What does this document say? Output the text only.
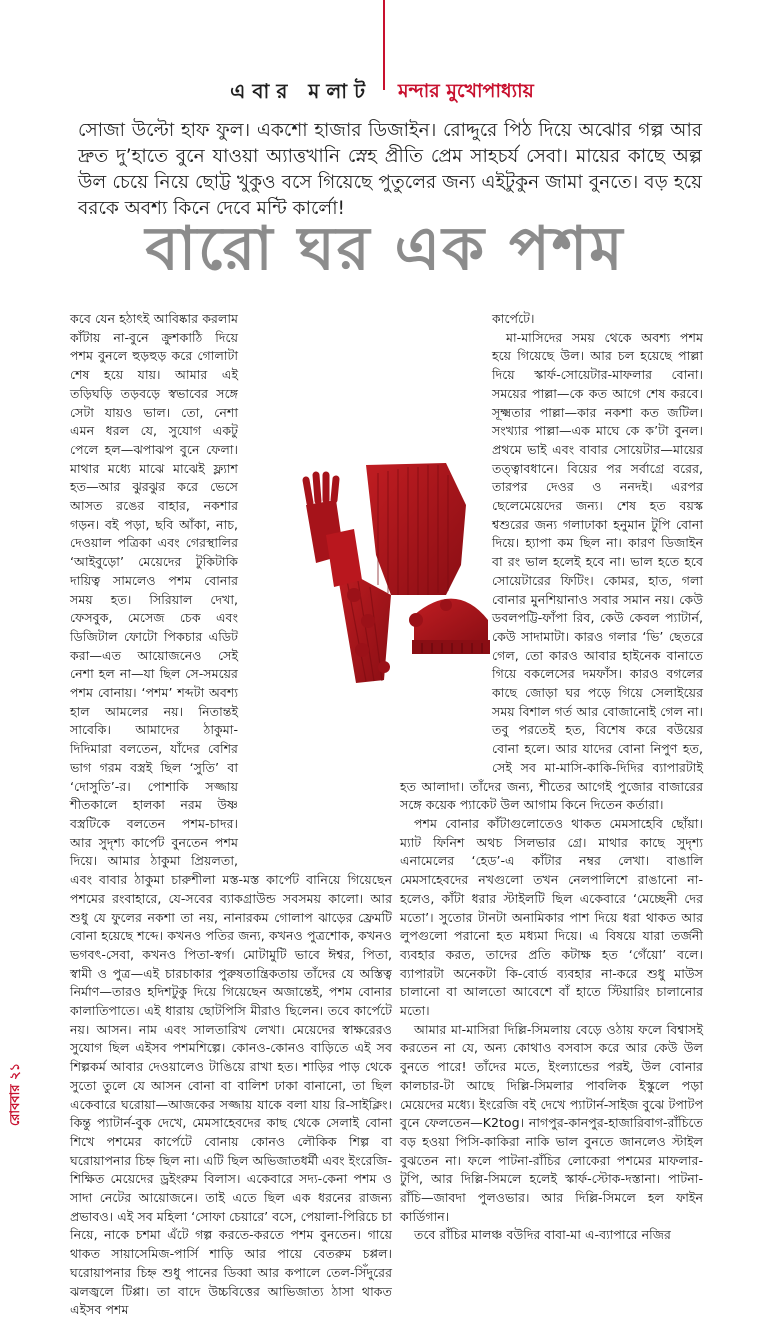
এবার মলাট মন্দার মুখোপাধ্যায়

সোজা উল্টো হাফ ফুল। একশো হাজার ডিজাইন। রোদ্দুরে পিঠ দিয়ে অঝোর গল্প আর দ্রুত দু’হাতে বুনে যাওয়া অ্যাত্তখানি স্নেহ প্রীতি প্রেম সাহচর্য সেবা। মায়ের কাছে অল্প উল চেয়ে নিয়ে ছোট্ট খুকুও বসে গিয়েছে পুতুলের জন্য এইটুকুন জামা বুনতে। বড় হয়ে বরকে অবশ্য কিনে দেবে মন্টি কার্লো!

বারো ঘর এক পশম

কবে যেন হঠাৎই আবিষ্কার করলাম কাঁটায় না-বুনে ক্রুশকাঠি দিয়ে পশম বুনলে হুড়হুড় করে গোলাটা শেষ হয়ে যায়। আমার এই তড়িঘড়ি তড়বড়ে স্বভাবের সঙ্গে সেটা যায়ও ভাল। তো, নেশা এমন ধরল যে, সুযোগ একটু পেলে হল—ঝপাঝপ বুনে ফেলা। মাথার মধ্যে মাঝে মাঝেই ফ্ল্যাশ হত—আর ঝুরঝুর করে ভেসে আসত রঙের বাহার, নকশার গড়ন। বই পড়া, ছবি আঁকা, নাচ, দেওয়াল পত্রিকা এবং গেরস্থালির ‘আইবুড়ো’ মেয়েদের টুকিটাকি দায়িত্ব সামলেও পশম বোনার সময় হত। সিরিয়াল দেখা, ফেসবুক, মেসেজ চেক এবং ডিজিটাল ফোটো পিকচার এডিট করা—এত আয়োজনেও সেই নেশা হল না—যা ছিল সে-সময়ের পশম বোনায়। ‘পশম’ শব্দটা অবশ্য হাল আমলের নয়। নিতান্তই সাবেকি। আমাদের ঠাকুমা-দিদিমারা বলতেন, যাঁদের বেশির ভাগ গরম বস্ত্রই ছিল ‘সুতি’ বা ‘দোসুতি’-র। পোশাকি সজ্জায় শীতকালে হালকা নরম উষ্ণ বস্ত্রটিকে বলতেন পশম-চাদর। আর সুদৃশ্য কার্পেট বুনতেন পশম দিয়ে। আমার ঠাকুমা প্রিয়লতা, এবং বাবার ঠাকুমা চারুশীলা মস্ত-মস্ত কার্পেট বানিয়ে গিয়েছেন পশমের রংবাহারে, যে-সবের ব্যাকগ্রাউন্ড সবসময় কালো। আর শুধু যে ফুলের নকশা তা নয়, নানারকম গোলাপ ঝাড়ের ফ্রেমটি বোনা হয়েছে শব্দে। কখনও পতির জন্য, কখনও পুত্রশোক, কখনও ভগবৎ-সেবা, কখনও পিতা-স্বর্গ। মোটামুটি ভাবে ঈশ্বর, পিতা, স্বামী ও পুত্র—এই চারচাকার পুরুষতান্ত্রিকতায় তাঁদের যে অস্তিত্ব নির্মাণ—তারও হদিশটুকু দিয়ে গিয়েছেন অজান্তেই, পশম বোনার কালাতিপাতে। এই ধারায় ছোটপিসি মীরাও ছিলেন। তবে কার্পেটে নয়। আসন। নাম এবং সালতারিখ লেখা। মেয়েদের স্বাক্ষরেরও সুযোগ ছিল এইসব পশমশিল্পে। কোনও-কোনও বাড়িতে এই সব শিল্পকর্ম আবার দেওয়ালেও টাঙিয়ে রাখা হত। শাড়ির পাড় থেকে সুতো তুলে যে আসন বোনা বা বালিশ ঢাকা বানানো, তা ছিল একেবারে ঘরোয়া—আজকের সজ্জায় যাকে বলা যায় রি-সাইক্লিং। কিন্তু প্যাটার্ন-বুক দেখে, মেমসাহেবদের কাছ থেকে সেলাই বোনা শিখে পশমের কার্পেটে বোনায় কোনও লৌকিক শিল্প বা ঘরোয়াপনার চিহ্ন ছিল না। এটি ছিল অভিজাতধর্মী এবং ইংরেজি-শিক্ষিত মেয়েদের ড্রইংরুম বিলাস। একেবারে সদ্য-কেনা পশম ও সাদা নেটের আয়োজনে। তাই এতে ছিল এক ধরনের রাজন্য প্রভাবও। এই সব মহিলা ‘সোফা চেয়ারে’ বসে, পেয়ালা-পিরিচে চা নিয়ে, নাকে চশমা এঁটে গল্প করতে-করতে পশম বুনতেন। গায়ে থাকত সায়াসেমিজ-পার্সি শাড়ি আর পায়ে বেতরুম চপ্পল। ঘরোয়াপনার চিহ্ন শুধু পানের ডিব্বা আর কপালে তেল-সিঁদুরের ঝলজ্বলে টিপ্পা। তা বাদে উচ্চবিত্তের আভিজাত্য ঠাসা থাকত এইসব পশম

কার্পেটে।

মা-মাসিদের সময় থেকে অবশ্য পশম হয়ে গিয়েছে উল। আর চল হয়েছে পাল্লা দিয়ে স্কার্ফ-সোয়েটার-মাফলার বোনা। সময়ের পাল্লা—কে কত আগে শেষ করবে। সূক্ষ্মতার পাল্লা—কার নকশা কত জটিল। সংখ্যার পাল্লা—এক মাঘে কে ক’টা বুনল। প্রথমে ভাই এবং বাবার সোয়েটার—মায়ের তত্ত্বাবধানে। বিয়ের পর সর্বাগ্রে বরের, তারপর দেওর ও ননদই। এরপর ছেলেমেয়েদের জন্য। শেষ হত বয়স্ক শ্বশুরের জন্য গলাঢাকা হনুমান টুপি বোনা দিয়ে। হ্যাপা কম ছিল না। কারণ ডিজাইন বা রং ভাল হলেই হবে না। ভাল হতে হবে সোয়েটারের ফিটিং। কোমর, হাত, গলা বোনার মুনশিয়ানাও সবার সমান নয়। কেউ ডবলপট্টি-ফাঁপা রিব, কেউ কেবল প্যাটার্ন, কেউ সাদামাটা। কারও গলার ‘ভি’ ছেতরে গেল, তো কারও আবার হাইনেক বানাতে গিয়ে বকলেসের দমফাঁস। কারও বগলের কাছে জোড়া ঘর পড়ে গিয়ে সেলাইয়ের সময় বিশাল গর্ত আর বোজানোই গেল না। তবু পরতেই হত, বিশেষ করে বউয়ের বোনা হলে। আর যাদের বোনা নিপুণ হত, সেই সব মা-মাসি-কাকি-দিদির ব্যাপারটাই হত আলাদা। তাঁদের জন্য, শীতের আগেই পুজোর বাজারের সঙ্গে কয়েক প্যাকেট উল আগাম কিনে দিতেন কর্তারা।

পশম বোনার কাঁটাগুলোতেও থাকত মেমসাহেবি ছোঁয়া। ম্যাট ফিনিশ অথচ সিলভার গ্রে। মাথার কাছে সুদৃশ্য এনামেলের ‘হেড’-এ কাঁটার নম্বর লেখা। বাঙালি মেমসাহেবদের নখগুলো তখন নেলপালিশে রাঙানো না-হলেও, কাঁটা ধরার স্টাইলটি ছিল একেবারে ‘মেচ্ছেনী দের মতো’। সুতোর টানটা অনামিকার পাশ দিয়ে ধরা থাকত আর লুপগুলো পরানো হত মধ্যমা দিয়ে। এ বিষয়ে যারা তর্জনী ব্যবহার করত, তাদের প্রতি কটাক্ষ হত ‘গেঁয়ো’ বলে। ব্যাপারটা অনেকটা কি-বোর্ড ব্যবহার না-করে শুধু মাউস চালানো বা আলতো আবেশে বাঁ হাতে স্টিয়ারিং চালানোর মতো।

আমার মা-মাসিরা দিল্লি-সিমলায় বেড়ে ওঠায় ফলে বিশ্বাসই করতেন না যে, অন্য কোথাও বসবাস করে আর কেউ উল বুনতে পারে! তাঁদের মতে, ইংল্যান্ডের পরই, উল বোনার কালচার-টা আছে দিল্লি-সিমলার পাবলিক ইস্কুলে পড়া মেয়েদের মধ্যে। ইংরেজি বই দেখে প্যাটার্ন-সাইজ বুঝে টপাটপ বুনে ফেলতেন—K2tog। নাগপুর-কানপুর-হাজারিবাগ-রাঁচিতে বড় হওয়া পিসি-কাকিরা নাকি ভাল বুনতে জানলেও স্টাইল বুঝতেন না। ফলে পাটনা-রাঁচির লোকেরা পশমের মাফলার-টুপি, আর দিল্লি-সিমলে হলেই স্কার্ফ-স্টোক-দস্তানা। পাটনা-রাঁচি—জাবদা পুলওভার। আর দিল্লি-সিমলে হল ফাইন কার্ডিগান।

তবে রাঁচির মালঞ্চ বউদির বাবা-মা এ-ব্যাপারে নজির

রোববার ২১
